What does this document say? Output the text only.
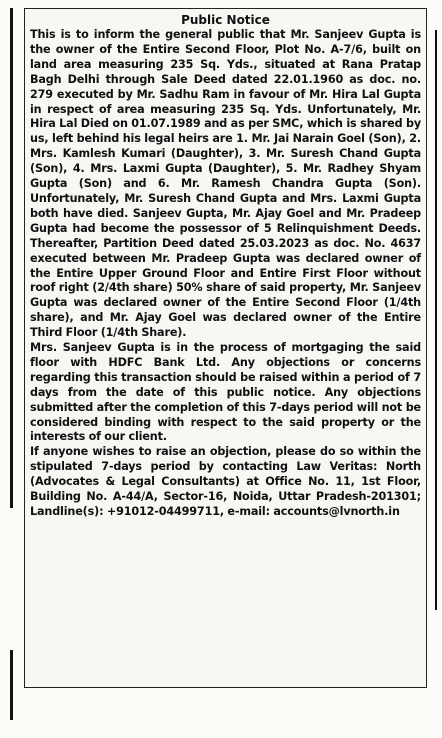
Public Notice

This is to inform the general public that Mr. Sanjeev Gupta is the owner of the Entire Second Floor, Plot No. A-7/6, built on land area measuring 235 Sq. Yds., situated at Rana Pratap Bagh Delhi through Sale Deed dated 22.01.1960 as doc. no. 279 executed by Mr. Sadhu Ram in favour of Mr. Hira Lal Gupta in respect of area measuring 235 Sq. Yds. Unfortunately, Mr. Hira Lal Died on 01.07.1989 and as per SMC, which is shared by us, left behind his legal heirs are 1. Mr. Jai Narain Goel (Son), 2. Mrs. Kamlesh Kumari (Daughter), 3. Mr. Suresh Chand Gupta (Son), 4. Mrs. Laxmi Gupta (Daughter), 5. Mr. Radhey Shyam Gupta (Son) and 6. Mr. Ramesh Chandra Gupta (Son). Unfortunately, Mr. Suresh Chand Gupta and Mrs. Laxmi Gupta both have died. Sanjeev Gupta, Mr. Ajay Goel and Mr. Pradeep Gupta had become the possessor of 5 Relinquishment Deeds. Thereafter, Partition Deed dated 25.03.2023 as doc. No. 4637 executed between Mr. Pradeep Gupta was declared owner of the Entire Upper Ground Floor and Entire First Floor without roof right (2/4th share) 50% share of said property, Mr. Sanjeev Gupta was declared owner of the Entire Second Floor (1/4th share), and Mr. Ajay Goel was declared owner of the Entire Third Floor (1/4th Share).

Mrs. Sanjeev Gupta is in the process of mortgaging the said floor with HDFC Bank Ltd. Any objections or concerns regarding this transaction should be raised within a period of 7 days from the date of this public notice. Any objections submitted after the completion of this 7-days period will not be considered binding with respect to the said property or the interests of our client.

If anyone wishes to raise an objection, please do so within the stipulated 7-days period by contacting Law Veritas: North (Advocates & Legal Consultants) at Office No. 11, 1st Floor, Building No. A-44/A, Sector-16, Noida, Uttar Pradesh-201301; Landline(s): +91012-04499711, e-mail: accounts@lvnorth.in
